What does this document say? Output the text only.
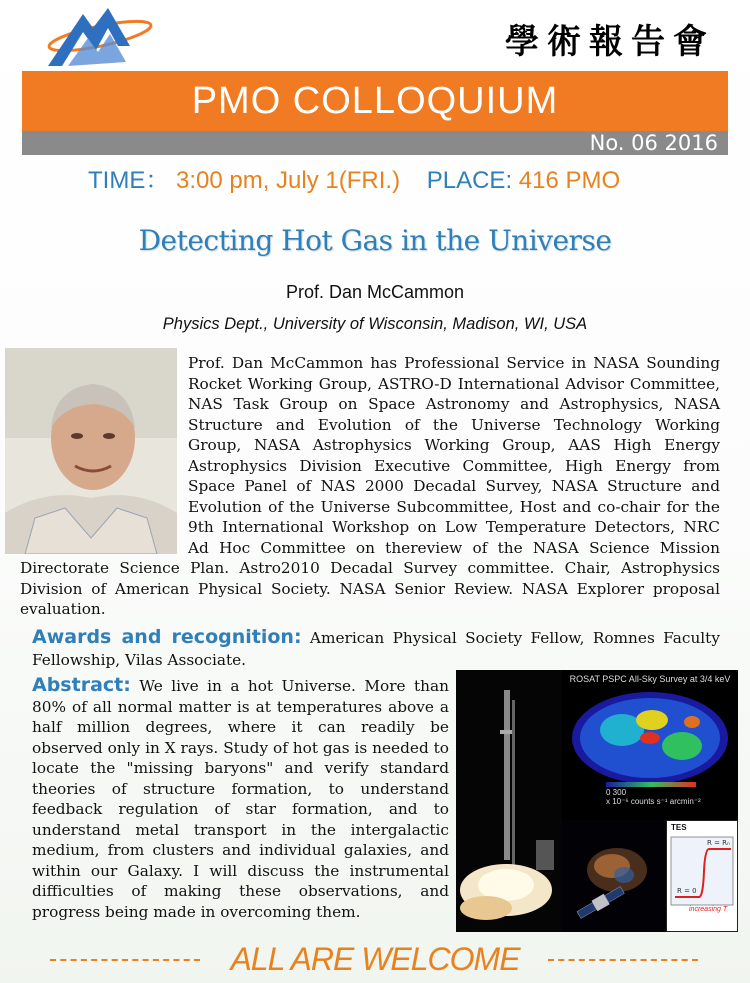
學術報告會
PMO COLLOQUIUM
No. 06 2016
TIME： 3:00 pm, July 1(FRI.) PLACE: 416 PMO
Detecting Hot Gas in the Universe
Prof. Dan McCammon
Physics Dept., University of Wisconsin, Madison, WI, USA
Prof. Dan McCammon has Professional Service in NASA Sounding Rocket Working Group, ASTRO-D International Advisor Committee, NAS Task Group on Space Astronomy and Astrophysics, NASA Structure and Evolution of the Universe Technology Working Group, NASA Astrophysics Working Group, AAS High Energy Astrophysics Division Executive Committee, High Energy from Space Panel of NAS 2000 Decadal Survey, NASA Structure and Evolution of the Universe Subcommittee, Host and co-chair for the 9th International Workshop on Low Temperature Detectors, NRC Ad Hoc Committee on thereview of the NASA Science Mission Directorate Science Plan. Astro2010 Decadal Survey committee. Chair, Astrophysics Division of American Physical Society. NASA Senior Review. NASA Explorer proposal evaluation.
Awards and recognition: American Physical Society Fellow, Romnes Faculty Fellowship, Vilas Associate.
Abstract: We live in a hot Universe. More than 80% of all normal matter is at temperatures above a half million degrees, where it can readily be observed only in X rays. Study of hot gas is needed to locate the "missing baryons" and verify standard theories of structure formation, to understand feedback regulation of star formation, and to understand metal transport in the intergalactic medium, from clusters and individual galaxies, and within our Galaxy. I will discuss the instrumental difficulties of making these observations, and progress being made in overcoming them.
ROSAT PSPC All-Sky Survey at 3/4 keV
0 300
x 10⁻⁶ counts s⁻¹ arcmin⁻²
TES
R = Rₙ
R = 0
increasing T
ALL ARE WELCOME
